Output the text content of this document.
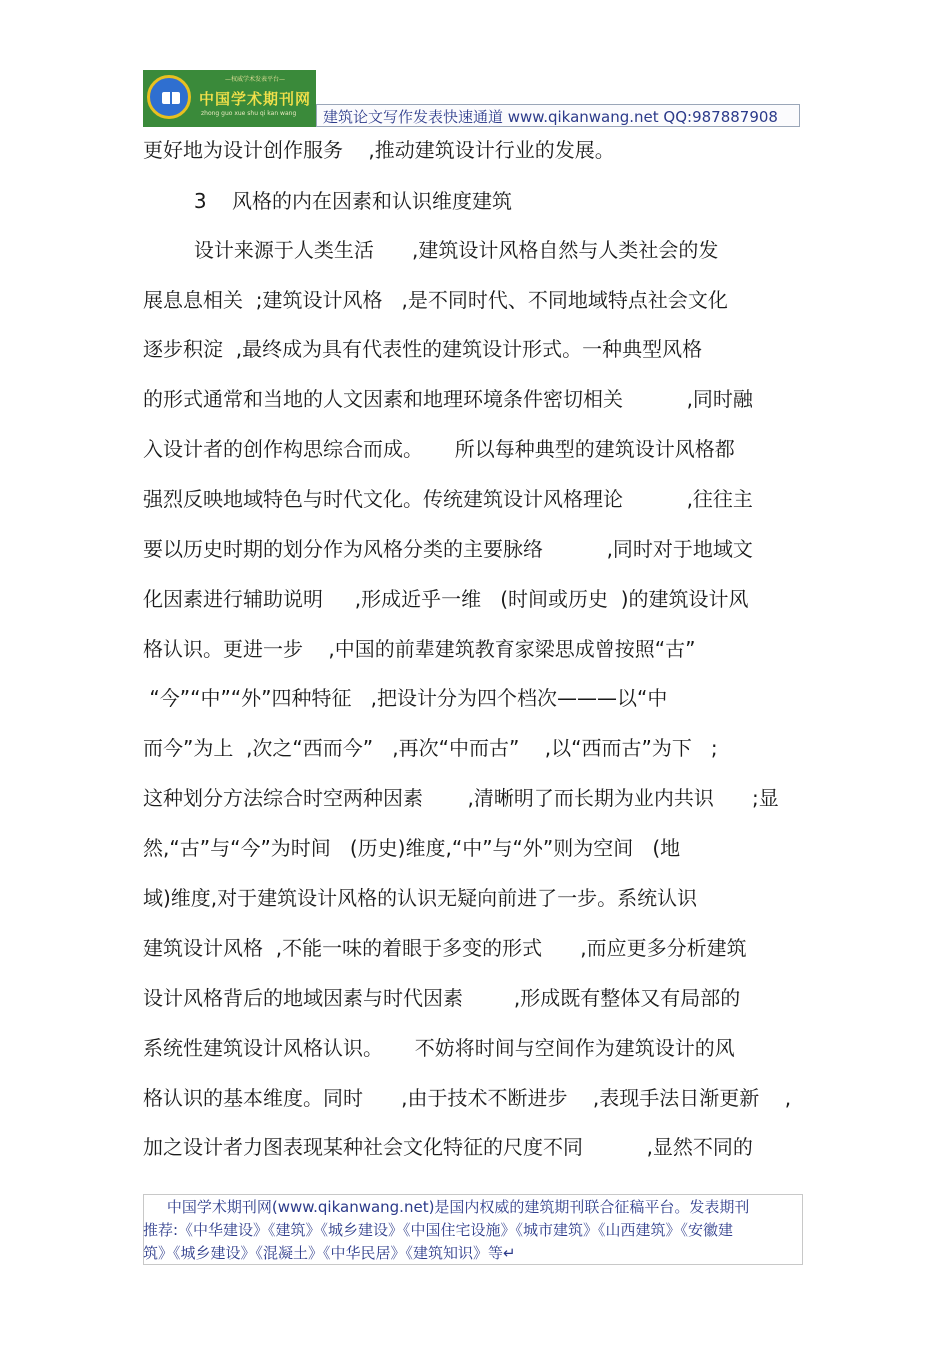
—权威学术发表平台—
中国学术期刊网
zhong guo xue shu qi kan wang 建筑论文写作发表快速通道 www.qikanwang.net QQ:987887908
更好地为设计创作服务    ,推动建筑设计行业的发展。
3    风格的内在因素和认识维度建筑
设计来源于人类生活      ,建筑设计风格自然与人类社会的发
展息息相关  ;建筑设计风格   ,是不同时代、不同地域特点社会文化
逐步积淀  ,最终成为具有代表性的建筑设计形式。一种典型风格
的形式通常和当地的人文因素和地理环境条件密切相关          ,同时融
入设计者的创作构思综合而成。     所以每种典型的建筑设计风格都
强烈反映地域特色与时代文化。传统建筑设计风格理论          ,往往主
要以历史时期的划分作为风格分类的主要脉络          ,同时对于地域文
化因素进行辅助说明     ,形成近乎一维   (时间或历史  )的建筑设计风
格认识。更进一步    ,中国的前辈建筑教育家梁思成曾按照“古”
“今”“中”“外”四种特征   ,把设计分为四个档次———以“中
而今”为上  ,次之“西而今”   ,再次“中而古”    ,以“西而古”为下   ;
这种划分方法综合时空两种因素       ,清晰明了而长期为业内共识      ;显
然,“古”与“今”为时间   (历史)维度,“中”与“外”则为空间   (地
域)维度,对于建筑设计风格的认识无疑向前进了一步。系统认识
建筑设计风格  ,不能一味的着眼于多变的形式      ,而应更多分析建筑
设计风格背后的地域因素与时代因素        ,形成既有整体又有局部的
系统性建筑设计风格认识。     不妨将时间与空间作为建筑设计的风
格认识的基本维度。同时      ,由于技术不断进步    ,表现手法日渐更新    ,
加之设计者力图表现某种社会文化特征的尺度不同          ,显然不同的
中国学术期刊网(www.qikanwang.net)是国内权威的建筑期刊联合征稿平台。发表期刊
推荐:《中华建设》《建筑》《城乡建设》《中国住宅设施》《城市建筑》《山西建筑》《安徽建
筑》《城乡建设》《混凝土》《中华民居》《建筑知识》等↵
